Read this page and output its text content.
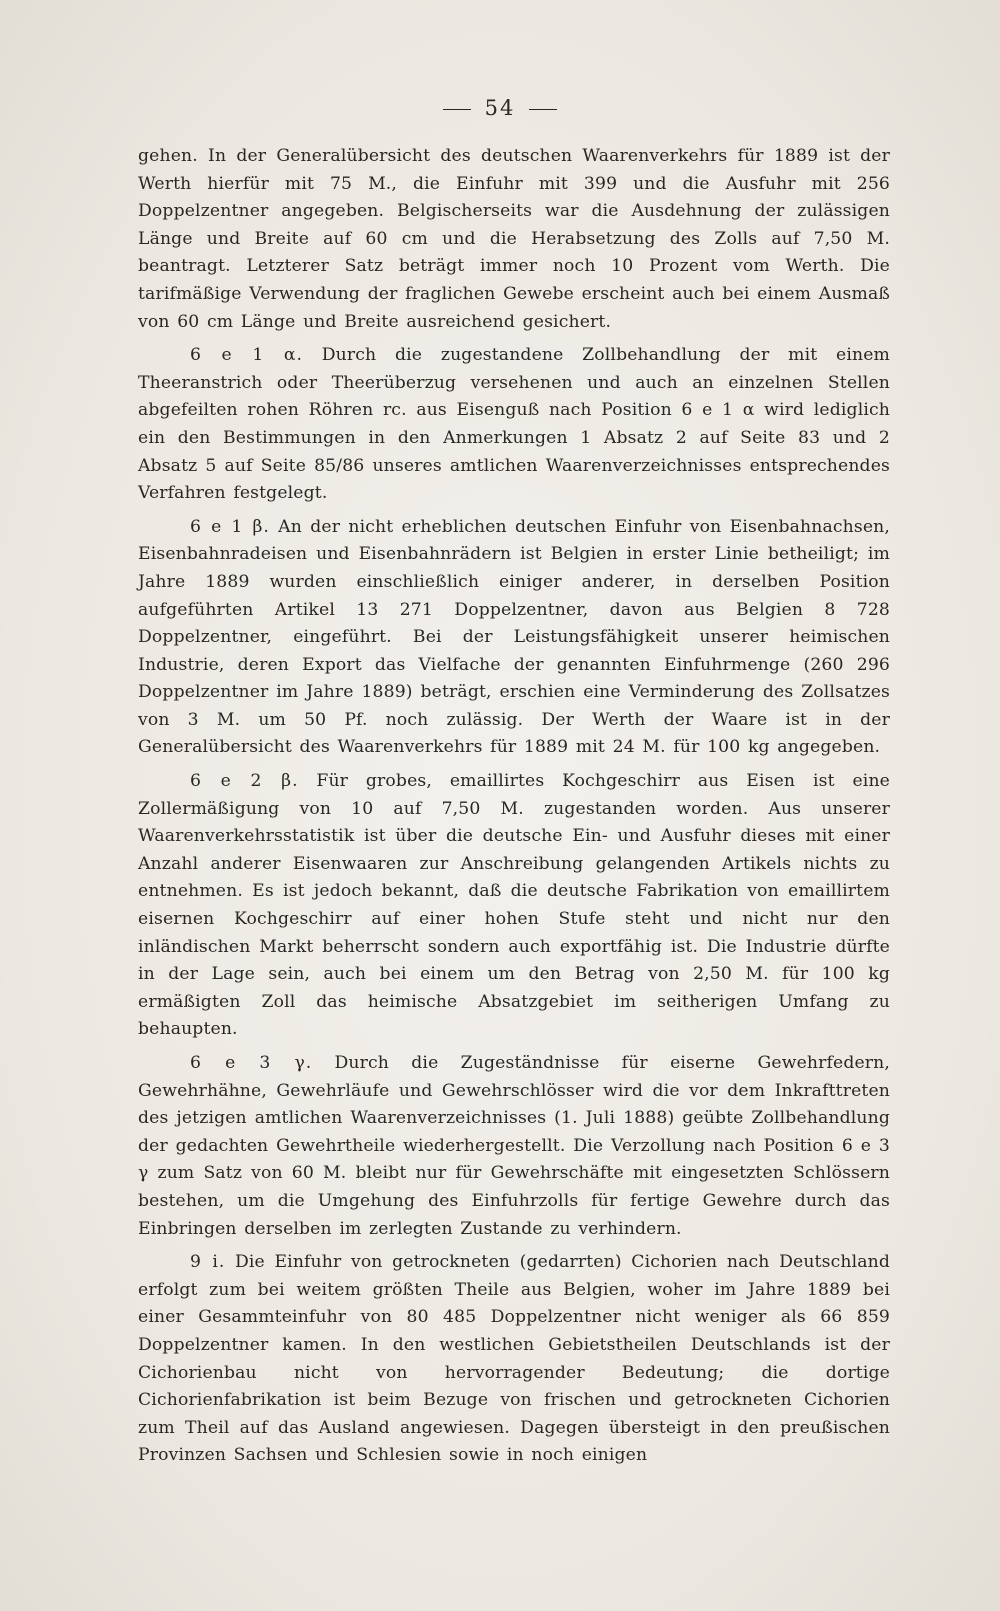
54

gehen. In der Generalübersicht des deutschen Waarenverkehrs für 1889 ist der Werth hierfür mit 75 M., die Einfuhr mit 399 und die Ausfuhr mit 256 Doppelzentner angegeben. Belgischerseits war die Ausdehnung der zulässigen Länge und Breite auf 60 cm und die Herabsetzung des Zolls auf 7,50 M. beantragt. Letzterer Satz beträgt immer noch 10 Prozent vom Werth. Die tarifmäßige Verwendung der fraglichen Gewebe erscheint auch bei einem Ausmaß von 60 cm Länge und Breite ausreichend gesichert.

6 e 1 α. Durch die zugestandene Zollbehandlung der mit einem Theeranstrich oder Theerüberzug versehenen und auch an einzelnen Stellen abgefeilten rohen Röhren rc. aus Eisenguß nach Position 6 e 1 α wird lediglich ein den Bestimmungen in den Anmerkungen 1 Absatz 2 auf Seite 83 und 2 Absatz 5 auf Seite 85/86 unseres amtlichen Waarenverzeichnisses entsprechendes Verfahren festgelegt.

6 e 1 β. An der nicht erheblichen deutschen Einfuhr von Eisenbahnachsen, Eisenbahnradeisen und Eisenbahnrädern ist Belgien in erster Linie betheiligt; im Jahre 1889 wurden einschließlich einiger anderer, in derselben Position aufgeführten Artikel 13 271 Doppelzentner, davon aus Belgien 8 728 Doppelzentner, eingeführt. Bei der Leistungsfähigkeit unserer heimischen Industrie, deren Export das Vielfache der genannten Einfuhrmenge (260 296 Doppelzentner im Jahre 1889) beträgt, erschien eine Verminderung des Zollsatzes von 3 M. um 50 Pf. noch zulässig. Der Werth der Waare ist in der Generalübersicht des Waarenverkehrs für 1889 mit 24 M. für 100 kg angegeben.

6 e 2 β. Für grobes, emaillirtes Kochgeschirr aus Eisen ist eine Zollermäßigung von 10 auf 7,50 M. zugestanden worden. Aus unserer Waarenverkehrsstatistik ist über die deutsche Ein- und Ausfuhr dieses mit einer Anzahl anderer Eisenwaaren zur Anschreibung gelangenden Artikels nichts zu entnehmen. Es ist jedoch bekannt, daß die deutsche Fabrikation von emaillirtem eisernen Kochgeschirr auf einer hohen Stufe steht und nicht nur den inländischen Markt beherrscht sondern auch exportfähig ist. Die Industrie dürfte in der Lage sein, auch bei einem um den Betrag von 2,50 M. für 100 kg ermäßigten Zoll das heimische Absatzgebiet im seitherigen Umfang zu behaupten.

6 e 3 γ. Durch die Zugeständnisse für eiserne Gewehrfedern, Gewehrhähne, Gewehrläufe und Gewehrschlösser wird die vor dem Inkrafttreten des jetzigen amtlichen Waarenverzeichnisses (1. Juli 1888) geübte Zollbehandlung der gedachten Gewehrtheile wiederhergestellt. Die Verzollung nach Position 6 e 3 γ zum Satz von 60 M. bleibt nur für Gewehrschäfte mit eingesetzten Schlössern bestehen, um die Umgehung des Einfuhrzolls für fertige Gewehre durch das Einbringen derselben im zerlegten Zustande zu verhindern.

9 i. Die Einfuhr von getrockneten (gedarrten) Cichorien nach Deutschland erfolgt zum bei weitem größten Theile aus Belgien, woher im Jahre 1889 bei einer Gesammteinfuhr von 80 485 Doppelzentner nicht weniger als 66 859 Doppelzentner kamen. In den westlichen Gebietstheilen Deutschlands ist der Cichorienbau nicht von hervorragender Bedeutung; die dortige Cichorienfabrikation ist beim Bezuge von frischen und getrockneten Cichorien zum Theil auf das Ausland angewiesen. Dagegen übersteigt in den preußischen Provinzen Sachsen und Schlesien sowie in noch einigen
